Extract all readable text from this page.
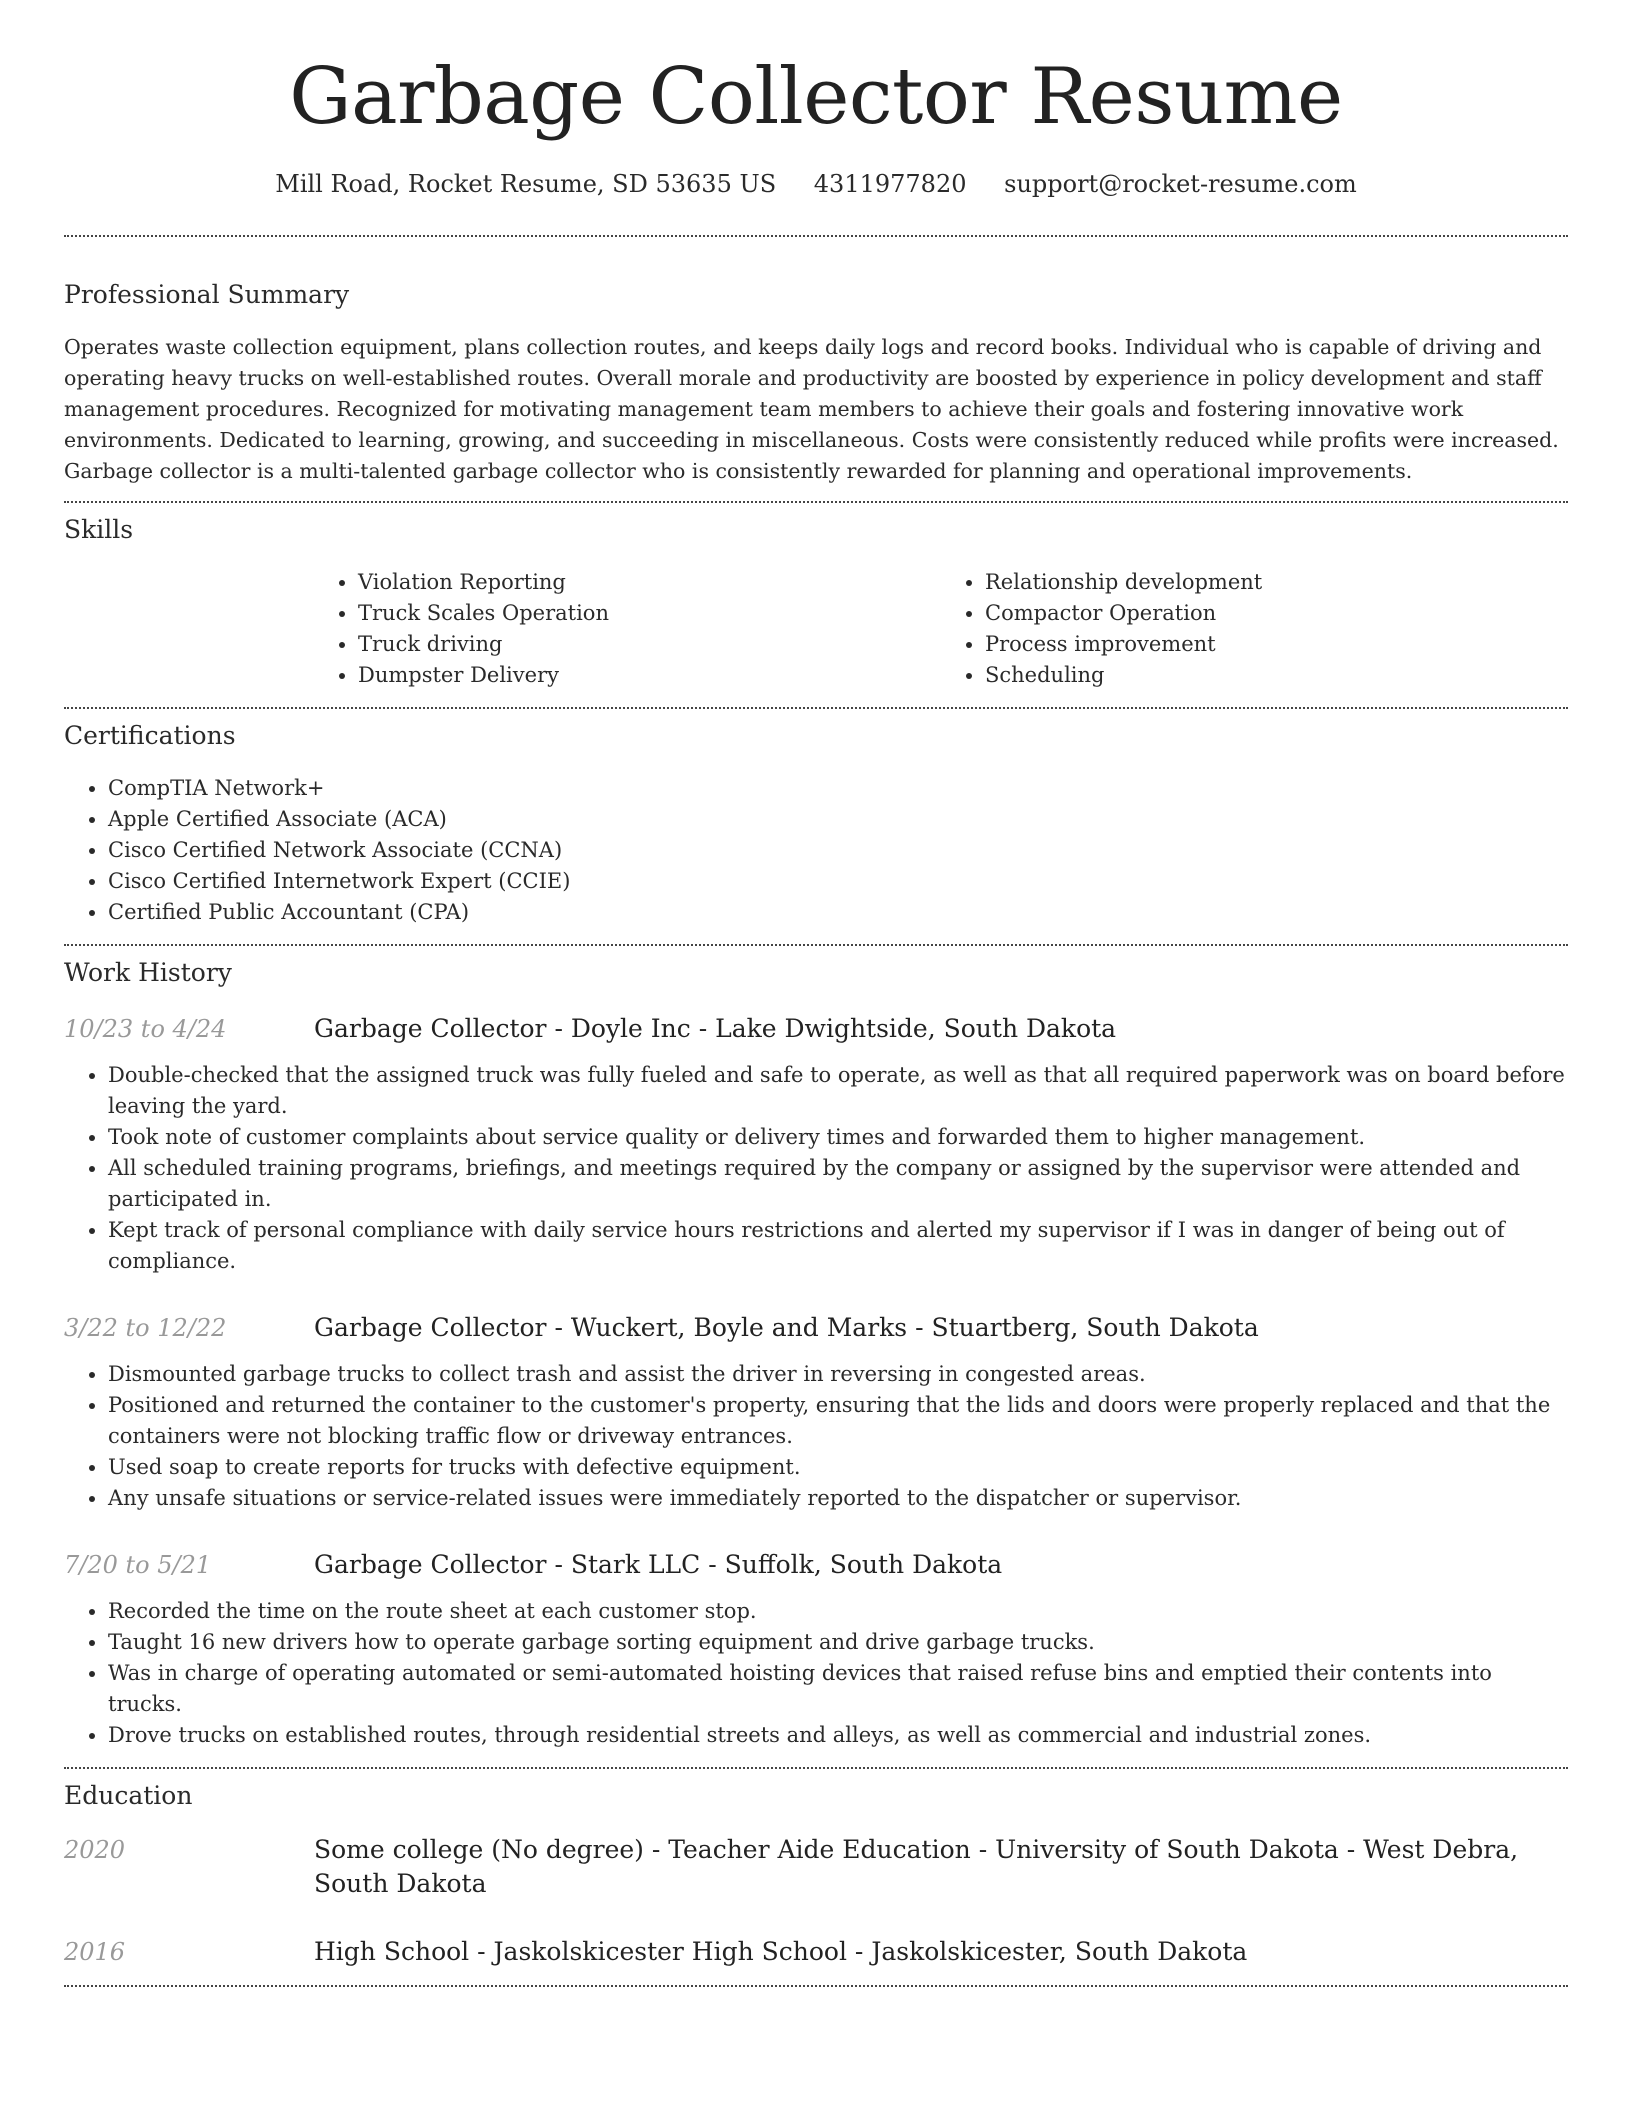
Garbage Collector Resume
Mill Road, Rocket Resume, SD 53635 US 4311977820 support@rocket-resume.com
Professional Summary

Operates waste collection equipment, plans collection routes, and keeps daily logs and record books. Individual who is capable of driving and operating heavy trucks on well-established routes. Overall morale and productivity are boosted by experience in policy development and staff management procedures. Recognized for motivating management team members to achieve their goals and fostering innovative work environments. Dedicated to learning, growing, and succeeding in miscellaneous. Costs were consistently reduced while profits were increased. Garbage collector is a multi-talented garbage collector who is consistently rewarded for planning and operational improvements.

Skills
• Violation Reporting
• Truck Scales Operation
• Truck driving
• Dumpster Delivery
• Relationship development
• Compactor Operation
• Process improvement
• Scheduling
Certifications
• CompTIA Network+
• Apple Certified Associate (ACA)
• Cisco Certified Network Associate (CCNA)
• Cisco Certified Internetwork Expert (CCIE)
• Certified Public Accountant (CPA)
Work History
10/23 to 4/24	Garbage Collector - Doyle Inc - Lake Dwightside, South Dakota
• Double-checked that the assigned truck was fully fueled and safe to operate, as well as that all required paperwork was on board before leaving the yard.
• Took note of customer complaints about service quality or delivery times and forwarded them to higher management.
• All scheduled training programs, briefings, and meetings required by the company or assigned by the supervisor were attended and participated in.
• Kept track of personal compliance with daily service hours restrictions and alerted my supervisor if I was in danger of being out of compliance.
3/22 to 12/22	Garbage Collector - Wuckert, Boyle and Marks - Stuartberg, South Dakota
• Dismounted garbage trucks to collect trash and assist the driver in reversing in congested areas.
• Positioned and returned the container to the customer's property, ensuring that the lids and doors were properly replaced and that the containers were not blocking traffic flow or driveway entrances.
• Used soap to create reports for trucks with defective equipment.
• Any unsafe situations or service-related issues were immediately reported to the dispatcher or supervisor.
7/20 to 5/21	Garbage Collector - Stark LLC - Suffolk, South Dakota
• Recorded the time on the route sheet at each customer stop.
• Taught 16 new drivers how to operate garbage sorting equipment and drive garbage trucks.
• Was in charge of operating automated or semi-automated hoisting devices that raised refuse bins and emptied their contents into trucks.
• Drove trucks on established routes, through residential streets and alleys, as well as commercial and industrial zones.
Education
2020	Some college (No degree) - Teacher Aide Education - University of South Dakota - West Debra, South Dakota
2016	High School - Jaskolskicester High School - Jaskolskicester, South Dakota
